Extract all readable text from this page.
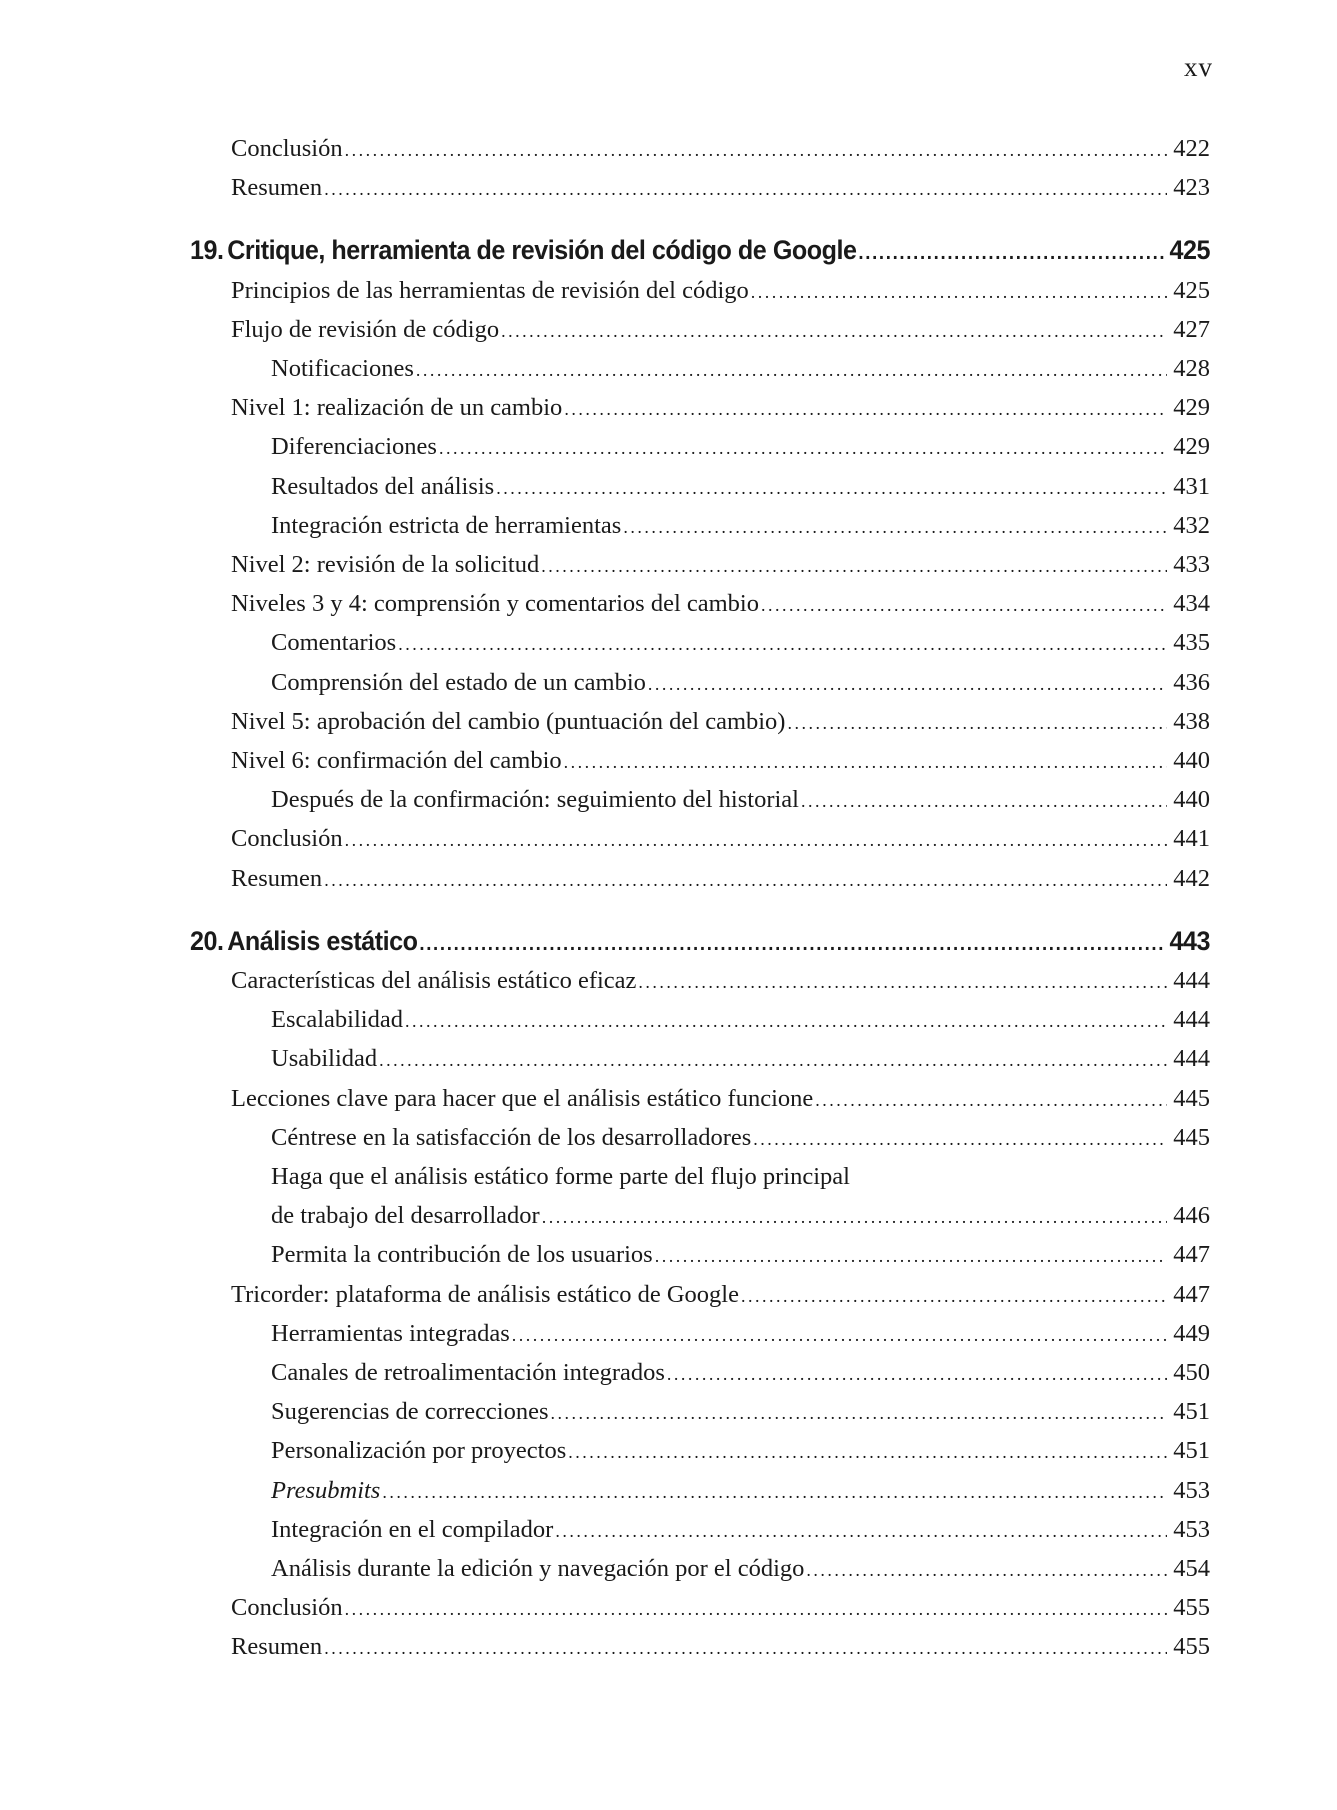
xv
Conclusión .....	422
Resumen .....	423
19. Critique, herramienta de revisión del código de Google .....	425
Principios de las herramientas de revisión del código .....	425
Flujo de revisión de código .....	427
Notificaciones .....	428
Nivel 1: realización de un cambio .....	429
Diferenciaciones .....	429
Resultados del análisis .....	431
Integración estricta de herramientas .....	432
Nivel 2: revisión de la solicitud .....	433
Niveles 3 y 4: comprensión y comentarios del cambio .....	434
Comentarios .....	435
Comprensión del estado de un cambio .....	436
Nivel 5: aprobación del cambio (puntuación del cambio) .....	438
Nivel 6: confirmación del cambio .....	440
Después de la confirmación: seguimiento del historial .....	440
Conclusión .....	441
Resumen .....	442
20. Análisis estático .....	443
Características del análisis estático eficaz .....	444
Escalabilidad .....	444
Usabilidad .....	444
Lecciones clave para hacer que el análisis estático funcione .....	445
Céntrese en la satisfacción de los desarrolladores .....	445
Haga que el análisis estático forme parte del flujo principal
de trabajo del desarrollador .....	446
Permita la contribución de los usuarios .....	447
Tricorder: plataforma de análisis estático de Google .....	447
Herramientas integradas .....	449
Canales de retroalimentación integrados .....	450
Sugerencias de correcciones .....	451
Personalización por proyectos .....	451
Presubmits .....	453
Integración en el compilador .....	453
Análisis durante la edición y navegación por el código .....	454
Conclusión .....	455
Resumen .....	455
